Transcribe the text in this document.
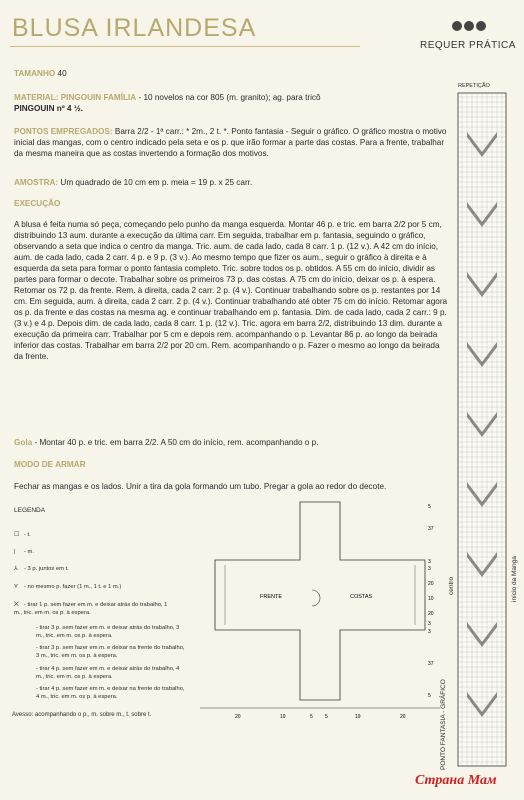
BLUSA IRLANDESA
REQUER PRÁTICA
TAMANHO 40
MATERIAL: PINGOUIN FAMÍLIA - 10 novelos na cor 805 (m. granito); ag. para tricô
PINGOUIN nº 4 ½.
PONTOS EMPREGADOS: Barra 2/2 - 1ª carr.: * 2m., 2 t. *. Ponto fantasia - Seguir o gráfico. O gráfico mostra o motivo inicial das mangas, com o centro indicado pela seta e os p. que irão formar a parte das costas. Para a frente, trabalhar da mesma maneira que as costas invertendo a formação dos motivos.
AMOSTRA: Um quadrado de 10 cm em p. meia = 19 p. x 25 carr.
EXECUÇÃO
A blusa é feita numa só peça, começando pelo punho da manga esquerda. Montar 46 p. e tric. em barra 2/2 por 5 cm, distribuindo 13 aum. durante a execução da última carr. Em seguida, trabalhar em p. fantasia, seguindo o gráfico, observando a seta que indica o centro da manga. Tric. aum. de cada lado, cada 8 carr. 1 p. (12 v.). A 42 cm do início, aum. de cada lado, cada 2 carr. 4 p. e 9 p. (3 v.). Ao mesmo tempo que fizer os aum., seguir o gráfico à direita e à esquerda da seta para formar o ponto fantasia completo. Tric. sobre todos os p. obtidos. A 55 cm do início, dividir as partes para formar o decote. Trabalhar sobre os primeiros 73 p. das costas. A 75 cm do início, deixar os p. à espera. Retomar os 72 p. da frente. Rem. à direita, cada 2 carr. 2 p. (4 v.). Continuar trabalhando sobre os p. restantes por 14 cm. Em seguida, aum. à direita, cada 2 carr. 2 p. (4 v.). Continuar trabalhando até obter 75 cm do início. Retomar agora os p. da frente e das costas na mesma ag. e continuar trabalhando em p. fantasia. Dim. de cada lado, cada 2 carr.: 9 p. (3 v.) e 4 p. Depois dim. de cada lado, cada 8 carr. 1 p. (12 v.). Tric. agora em barra 2/2, distribuindo 13 dim. durante a execução da primeira carr. Trabalhar por 5 cm e depois rem. acompanhando o p. Levantar 86 p. ao longo da beirada inferior das costas. Trabalhar em barra 2/2 por 20 cm. Rem. acompanhando o p. Fazer o mesmo ao longo da beirada da frente.
Gola - Montar 40 p. e tric. em barra 2/2. A 50 cm do início, rem. acompanhando o p.
MODO DE ARMAR
Fechar as mangas e os lados. Unir a tira da gola formando um tubo. Pregar a gola ao redor do decote.
LEGENDA
☐ - t.
| - m.
⅄ - 3 p. juntos em t.
Y - no mesmo p. fazer (1 m., 1 t. e 1 m.)
⨉ - tirar 1 p. sem fazer em m. e deixar atrás do trabalho, 1 m., tric. em m. os p. à espera.
- tirar 3 p. sem fazer em m. e deixar atrás do trabalho, 3 m., tric. em m. os p. à espera.
- tirar 3 p. sem fazer em m. e deixar na frente do trabalho, 3 m., tric. em m. os p. à espera.
- tirar 4 p. sem fazer em m. e deixar atrás do trabalho, 4 m., tric. em m. os p. à espera.
- tirar 4 p. sem fazer em m. e deixar na frente do trabalho, 4 m., tric. em m. os p. à espera.
Avesso: acompanhando o p., m. sobre m., t. sobre t.
FRENTE	COSTAS
20	19	5 5	19	20
5
37
3
3
20
10
20
3
3
37
5
REPETIÇÃO
centro	início da Manga
PONTO FANTASIA - GRÁFICO
Страна Мам
